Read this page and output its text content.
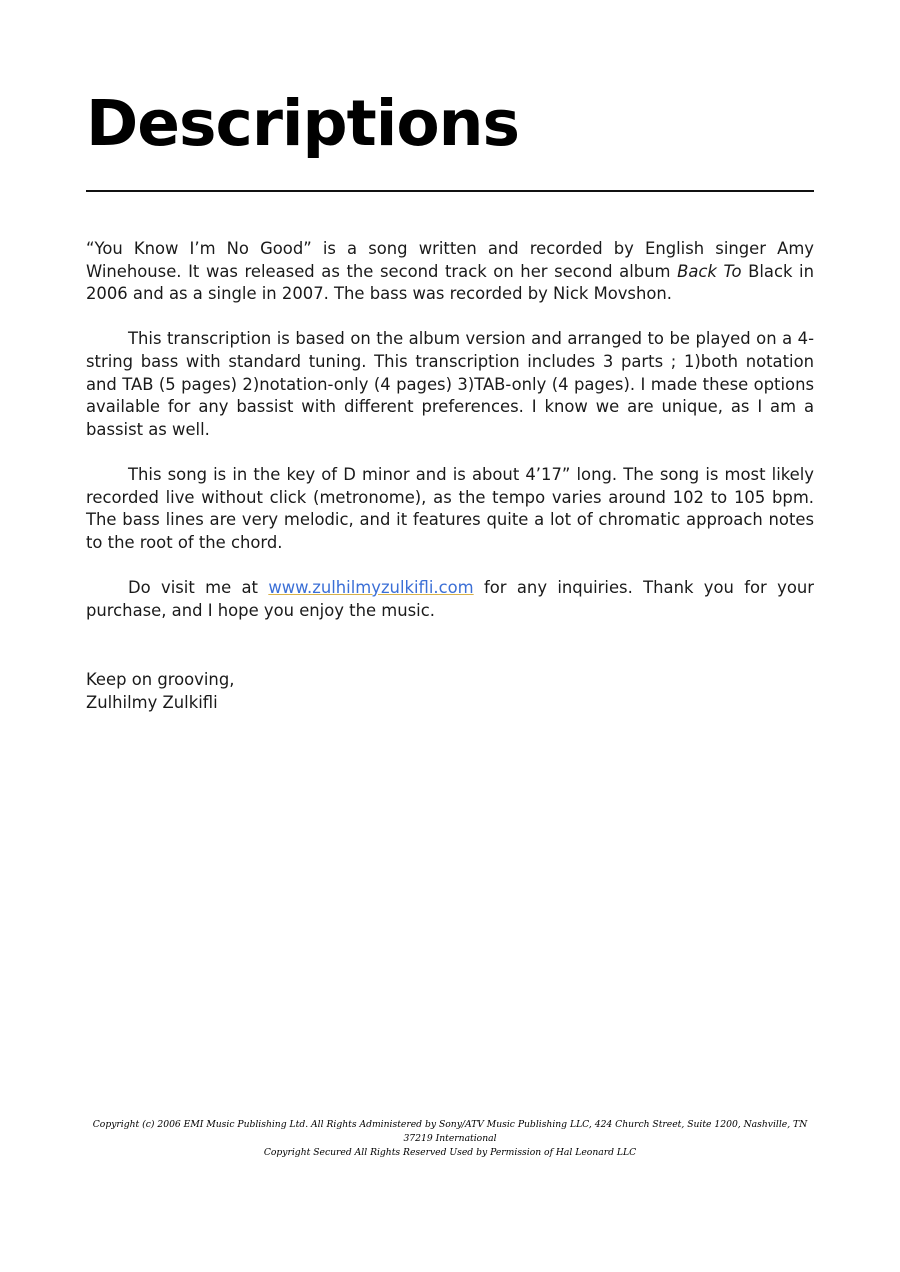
Descriptions

“You Know I’m No Good” is a song written and recorded by English singer Amy Winehouse. It was released as the second track on her second album Back To Black in 2006 and as a single in 2007. The bass was recorded by Nick Movshon.

This transcription is based on the album version and arranged to be played on a 4-string bass with standard tuning. This transcription includes 3 parts ; 1)both notation and TAB (5 pages) 2)notation-only (4 pages) 3)TAB-only (4 pages). I made these options available for any bassist with different preferences. I know we are unique, as I am a bassist as well.

This song is in the key of D minor and is about 4’17” long. The song is most likely recorded live without click (metronome), as the tempo varies around 102 to 105 bpm. The bass lines are very melodic, and it features quite a lot of chromatic approach notes to the root of the chord.

Do visit me at www.zulhilmyzulkifli.com for any inquiries. Thank you for your purchase, and I hope you enjoy the music.

Keep on grooving,
Zulhilmy Zulkifli
Copyright (c) 2006 EMI Music Publishing Ltd. All Rights Administered by Sony/ATV Music Publishing LLC, 424 Church Street, Suite 1200, Nashville, TN 37219 International
Copyright Secured All Rights Reserved Used by Permission of Hal Leonard LLC
